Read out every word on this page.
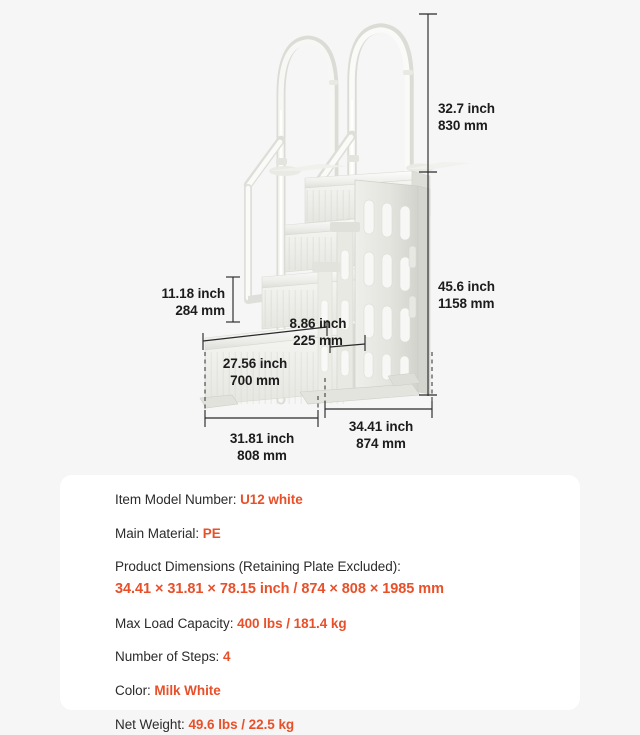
32.7 inch
830 mm
11.18 inch
284 mm
8.86 inch
225 mm
27.56 inch
700 mm
45.6 inch
1158 mm
31.81 inch
808 mm
34.41 inch
874 mm
Item Model Number: U12 white
Main Material: PE
Product Dimensions (Retaining Plate Excluded):
34.41 × 31.81 × 78.15 inch / 874 × 808 × 1985 mm
Max Load Capacity: 400 lbs / 181.4 kg
Number of Steps: 4
Color: Milk White
Net Weight: 49.6 lbs / 22.5 kg
